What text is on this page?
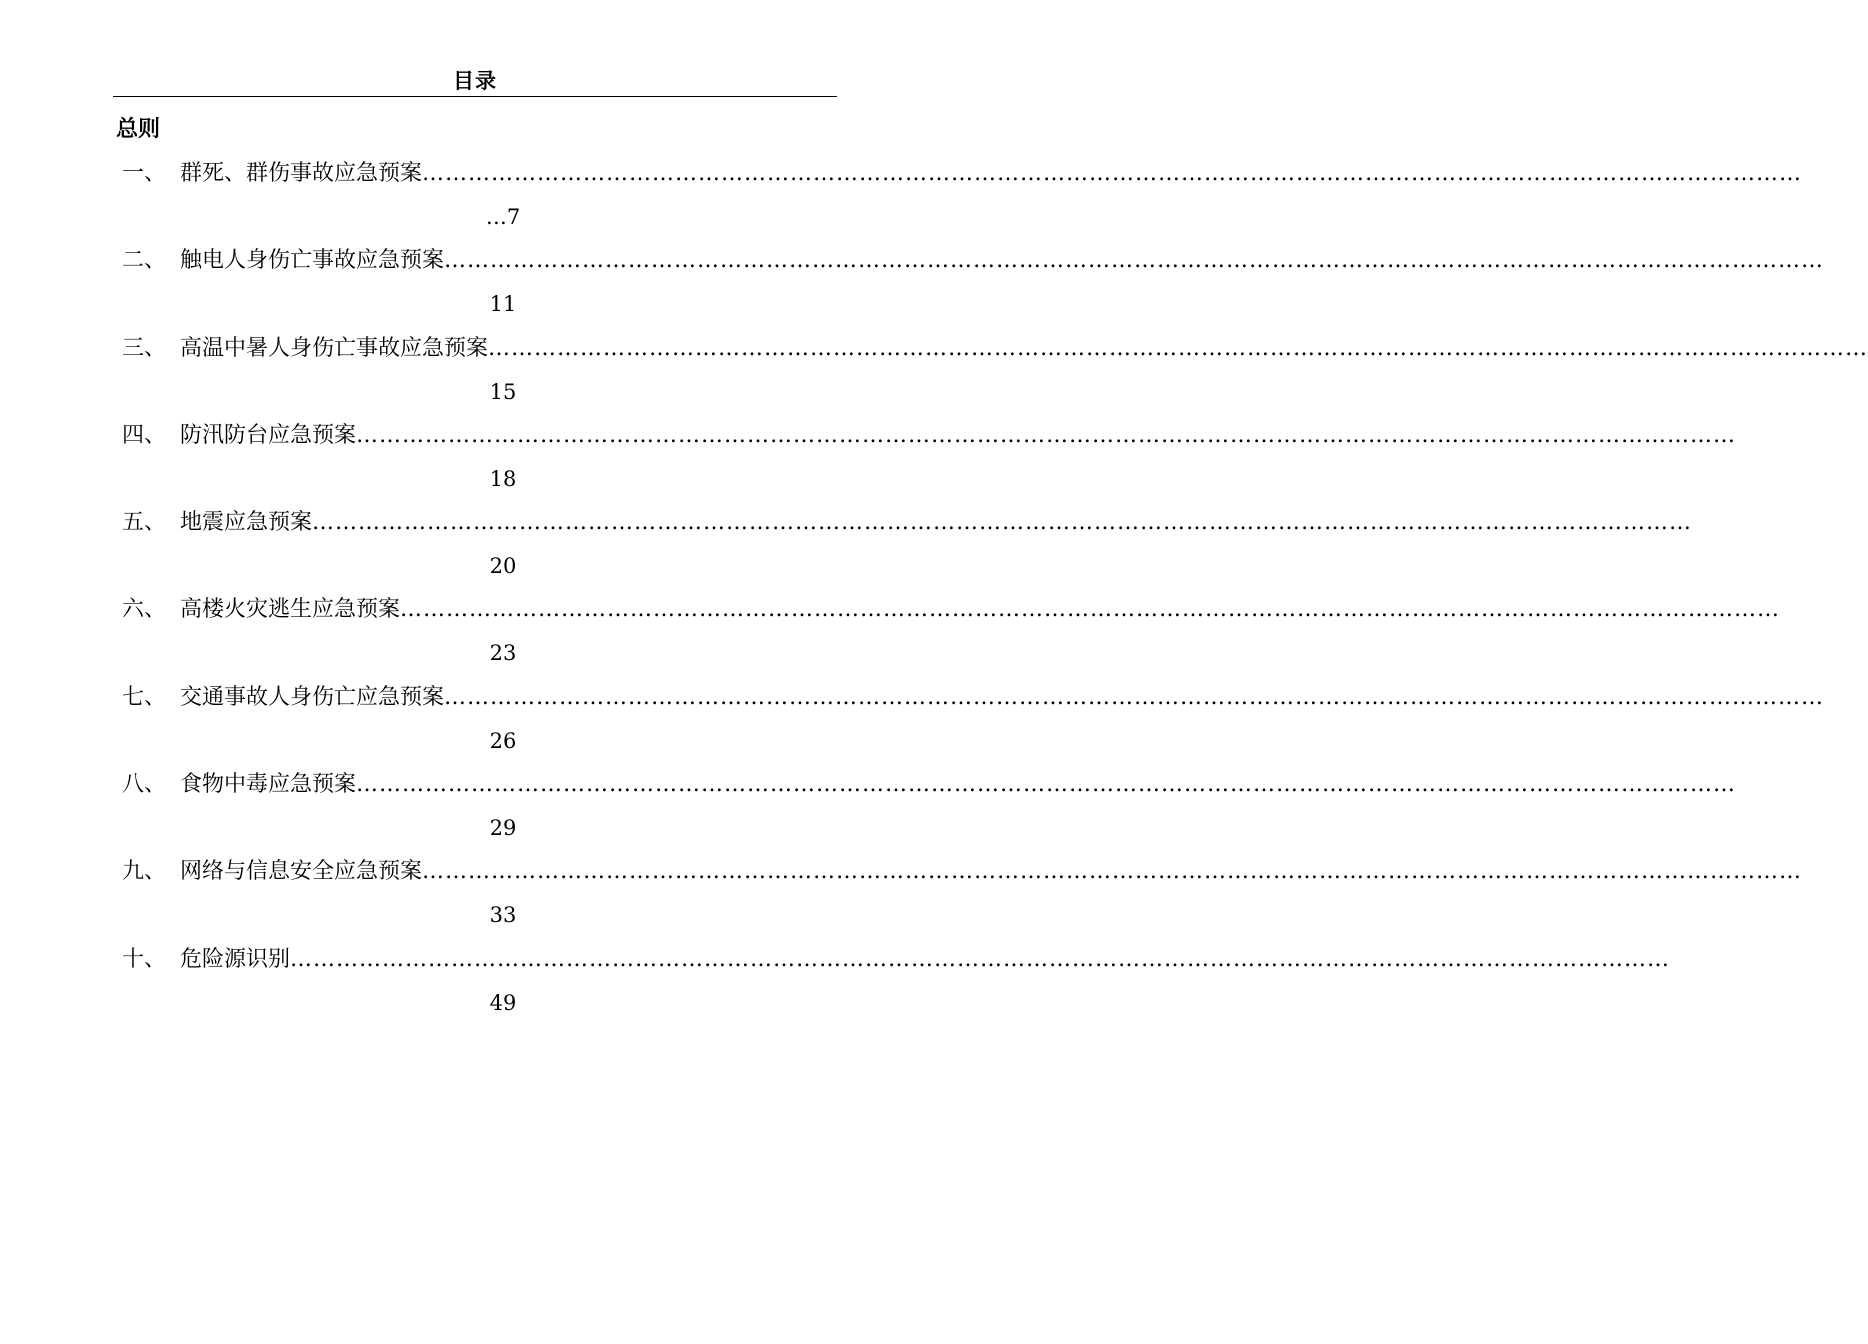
目录
总则
一、 群死、群伤事故应急预案 ………………………………………………………………………………………………………………………………………………………………
…7
二、 触电人身伤亡事故应急预案 ………………………………………………………………………………………………………………………………………………………………
11
三、 高温中暑人身伤亡事故应急预案 ………………………………………………………………………………………………………………………………………………………………
15
四、 防汛防台应急预案 ………………………………………………………………………………………………………………………………………………………………
18
五、 地震应急预案 ………………………………………………………………………………………………………………………………………………………………
20
六、 高楼火灾逃生应急预案 ………………………………………………………………………………………………………………………………………………………………
23
七、 交通事故人身伤亡应急预案 ………………………………………………………………………………………………………………………………………………………………
26
八、 食物中毒应急预案 ………………………………………………………………………………………………………………………………………………………………
29
九、 网络与信息安全应急预案 ………………………………………………………………………………………………………………………………………………………………
33
十、 危险源识别 ………………………………………………………………………………………………………………………………………………………………
49
